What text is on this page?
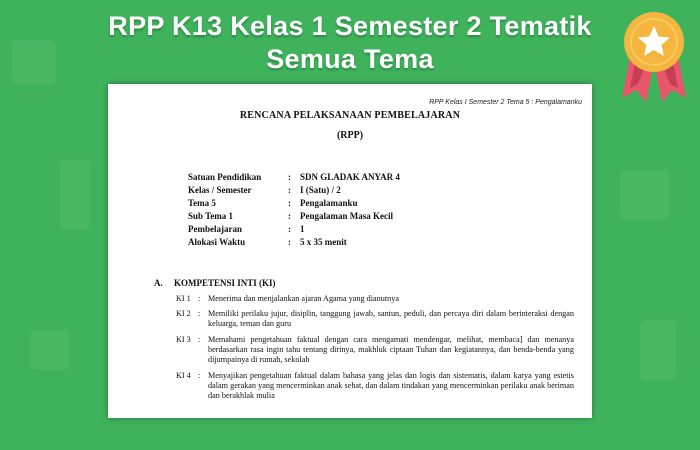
RPP K13 Kelas 1 Semester 2 Tematik
Semua Tema
RPP Kelas I Semester 2 Tema 5 : Pengalamanku
RENCANA PELAKSANAAN PEMBELAJARAN
(RPP)
Satuan Pendidikan	: SDN GLADAK ANYAR 4
Kelas / Semester	: I (Satu) / 2
Tema 5	: Pengalamanku
Sub Tema 1	: Pengalaman Masa Kecil
Pembelajaran	: 1
Alokasi Waktu	: 5 x 35 menit
A. KOMPETENSI INTI (KI)
KI 1 : Menerima dan menjalankan ajaran Agama yang dianutnya
KI 2 : Memiliki perilaku jujur, disiplin, tanggung jawab, santun, peduli, dan percaya diri dalam berinteraksi dengan keluarga, teman dan guru
KI 3 : Memahami pengetahuan faktual dengan cara mengamati mendengar, melihat, membaca] dan menanya berdasarkan rasa ingin tahu tentang dirinya, makhluk ciptaan Tuhan dan kegiatannya, dan benda-benda yang dijumpainya di rumah, sekolah
KI 4 : Menyajikan pengetahuan faktual dalam bahasa yang jelas dan logis dan sistematis, dalam karya yang estetis dalam gerakan yang mencerminkan anak sehat, dan dalam tindakan yang mencerminkan perilaku anak beriman dan berakhlak mulia
